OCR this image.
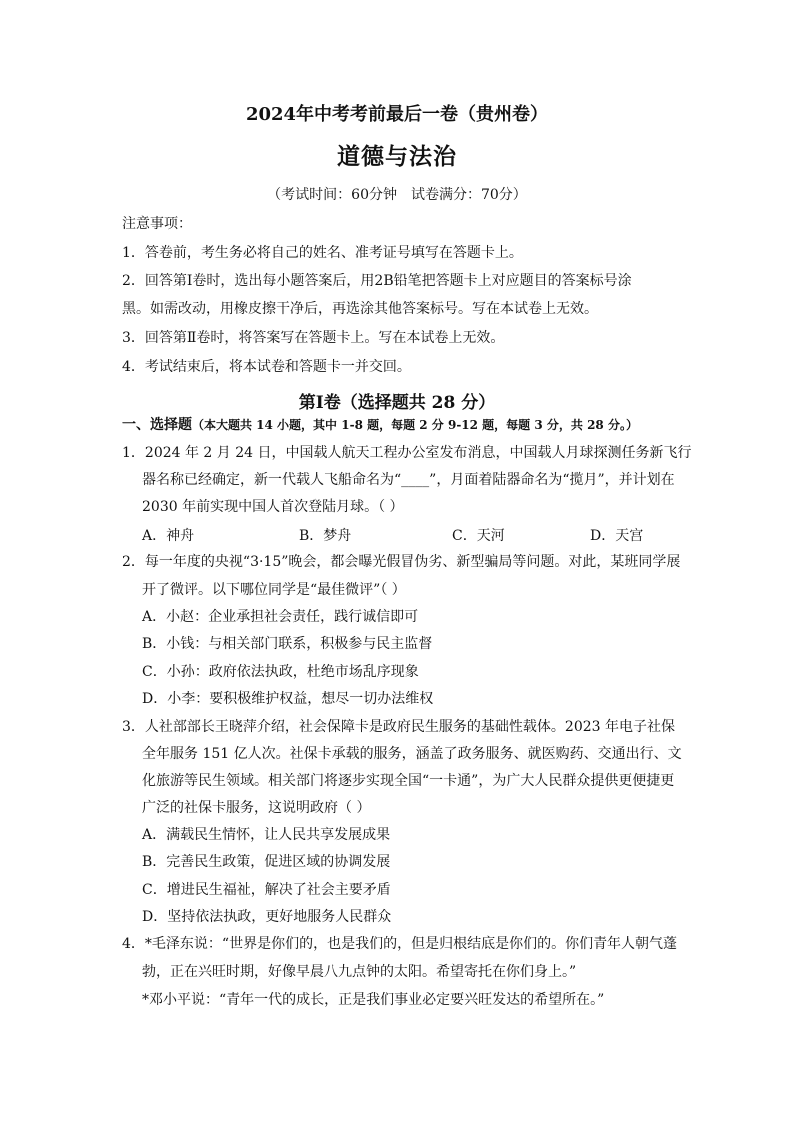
2024年中考考前最后一卷（贵州卷）
道德与法治
（考试时间：60分钟　试卷满分：70分）
注意事项：
1．答卷前，考生务必将自己的姓名、准考证号填写在答题卡上。
2．回答第Ⅰ卷时，选出每小题答案后，用2B铅笔把答题卡上对应题目的答案标号涂
黑。如需改动，用橡皮擦干净后，再选涂其他答案标号。写在本试卷上无效。
3．回答第Ⅱ卷时，将答案写在答题卡上。写在本试卷上无效。
4．考试结束后，将本试卷和答题卡一并交回。
第Ⅰ卷（选择题共 28 分）
一、选择题（本大题共 14 小题，其中 1-8 题，每题 2 分 9-12 题，每题 3 分，共 28 分。）
1．2024 年 2 月 24 日，中国载人航天工程办公室发布消息，中国载人月球探测任务新飞行
器名称已经确定，新一代载人飞船命名为“____”，月面着陆器命名为“揽月”，并计划在
2030 年前实现中国人首次登陆月球。（ ）
A．神舟	B．梦舟	C．天河	D．天宫
2．每一年度的央视“3·15”晚会，都会曝光假冒伪劣、新型骗局等问题。对此，某班同学展
开了微评。以下哪位同学是“最佳微评”（ ）
A．小赵：企业承担社会责任，践行诚信即可
B．小钱：与相关部门联系，积极参与民主监督
C．小孙：政府依法执政，杜绝市场乱序现象
D．小李：要积极维护权益，想尽一切办法维权
3．人社部部长王晓萍介绍，社会保障卡是政府民生服务的基础性载体。2023 年电子社保
全年服务 151 亿人次。社保卡承载的服务，涵盖了政务服务、就医购药、交通出行、文
化旅游等民生领域。相关部门将逐步实现全国“一卡通”，为广大人民群众提供更便捷更
广泛的社保卡服务，这说明政府（ ）
A．满载民生情怀，让人民共享发展成果
B．完善民生政策，促进区域的协调发展
C．增进民生福祉，解决了社会主要矛盾
D．坚持依法执政，更好地服务人民群众
4．*毛泽东说：“世界是你们的，也是我们的，但是归根结底是你们的。你们青年人朝气蓬
勃，正在兴旺时期，好像早晨八九点钟的太阳。希望寄托在你们身上。”
*邓小平说：“青年一代的成长，正是我们事业必定要兴旺发达的希望所在。”
